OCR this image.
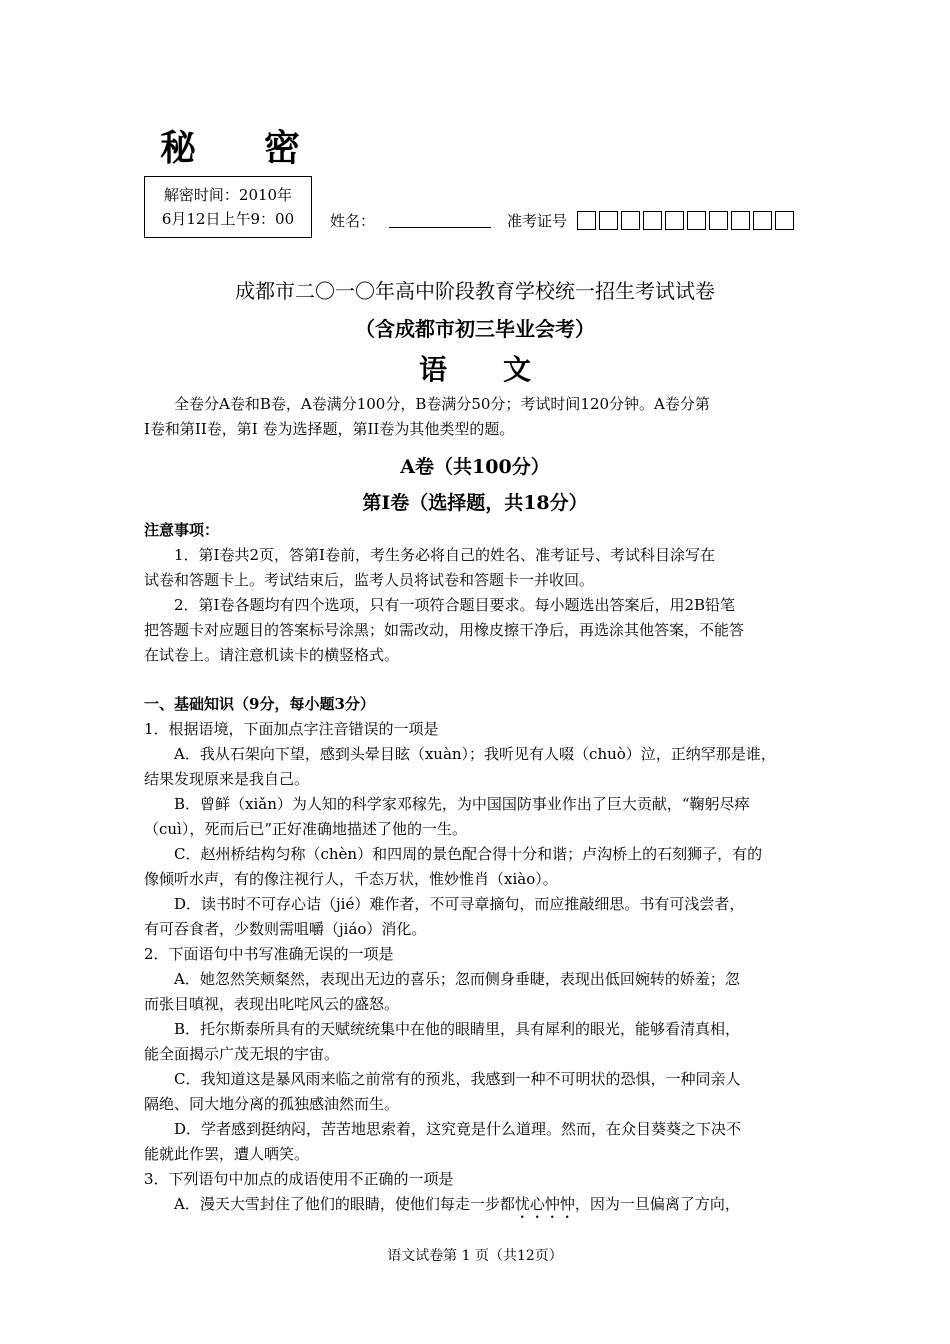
秘密
解密时间：2010年
6月12日上午9：00	姓名：	准考证号
成都市二〇一〇年高中阶段教育学校统一招生考试试卷
（含成都市初三毕业会考）
语文
全卷分A卷和B卷，A卷满分100分，B卷满分50分；考试时间120分钟。A卷分第
I卷和第II卷，第I 卷为选择题，第II卷为其他类型的题。
A卷（共100分）
第I卷（选择题，共18分）
注意事项：
1．第I卷共2页，答第I卷前，考生务必将自己的姓名、准考证号、考试科目涂写在
试卷和答题卡上。考试结束后，监考人员将试卷和答题卡一并收回。
2．第I卷各题均有四个选项，只有一项符合题目要求。每小题选出答案后，用2B铅笔
把答题卡对应题目的答案标号涂黑；如需改动，用橡皮擦干净后，再选涂其他答案，不能答
在试卷上。请注意机读卡的横竖格式。
一、基础知识（9分，每小题3分）
1．根据语境，下面加点字注音错误的一项是
A．我从石架向下望，感到头晕目眩（xuàn）；我听见有人啜（chuò）泣，正纳罕那是谁，
结果发现原来是我自己。
B．曾鲜（xiǎn）为人知的科学家邓稼先，为中国国防事业作出了巨大贡献，“鞠躬尽瘁
（cuì），死而后已”正好准确地描述了他的一生。
C．赵州桥结构匀称（chèn）和四周的景色配合得十分和谐；卢沟桥上的石刻狮子，有的
像倾听水声，有的像注视行人，千态万状，惟妙惟肖（xiào）。
D．读书时不可存心诘（jié）难作者，不可寻章摘句，而应推敲细思。书有可浅尝者，
有可吞食者，少数则需咀嚼（jiáo）消化。
2．下面语句中书写准确无误的一项是
A．她忽然笑颊粲然，表现出无边的喜乐；忽而侧身垂睫，表现出低回婉转的娇羞；忽
而张目嗔视，表现出叱咤风云的盛怒。
B．托尔斯泰所具有的天赋统统集中在他的眼睛里，具有犀利的眼光，能够看清真相，
能全面揭示广茂无垠的宇宙。
C．我知道这是暴风雨来临之前常有的预兆，我感到一种不可明状的恐惧，一种同亲人
隔绝、同大地分离的孤独感油然而生。
D．学者感到挺纳闷，苦苦地思索着，这究竟是什么道理。然而，在众目葵葵之下决不
能就此作罢，遭人哂笑。
3．下列语句中加点的成语使用不正确的一项是
A．漫天大雪封住了他们的眼睛，使他们每走一步都忧心忡忡，因为一旦偏离了方向，
语文试卷第 1 页（共12页）
